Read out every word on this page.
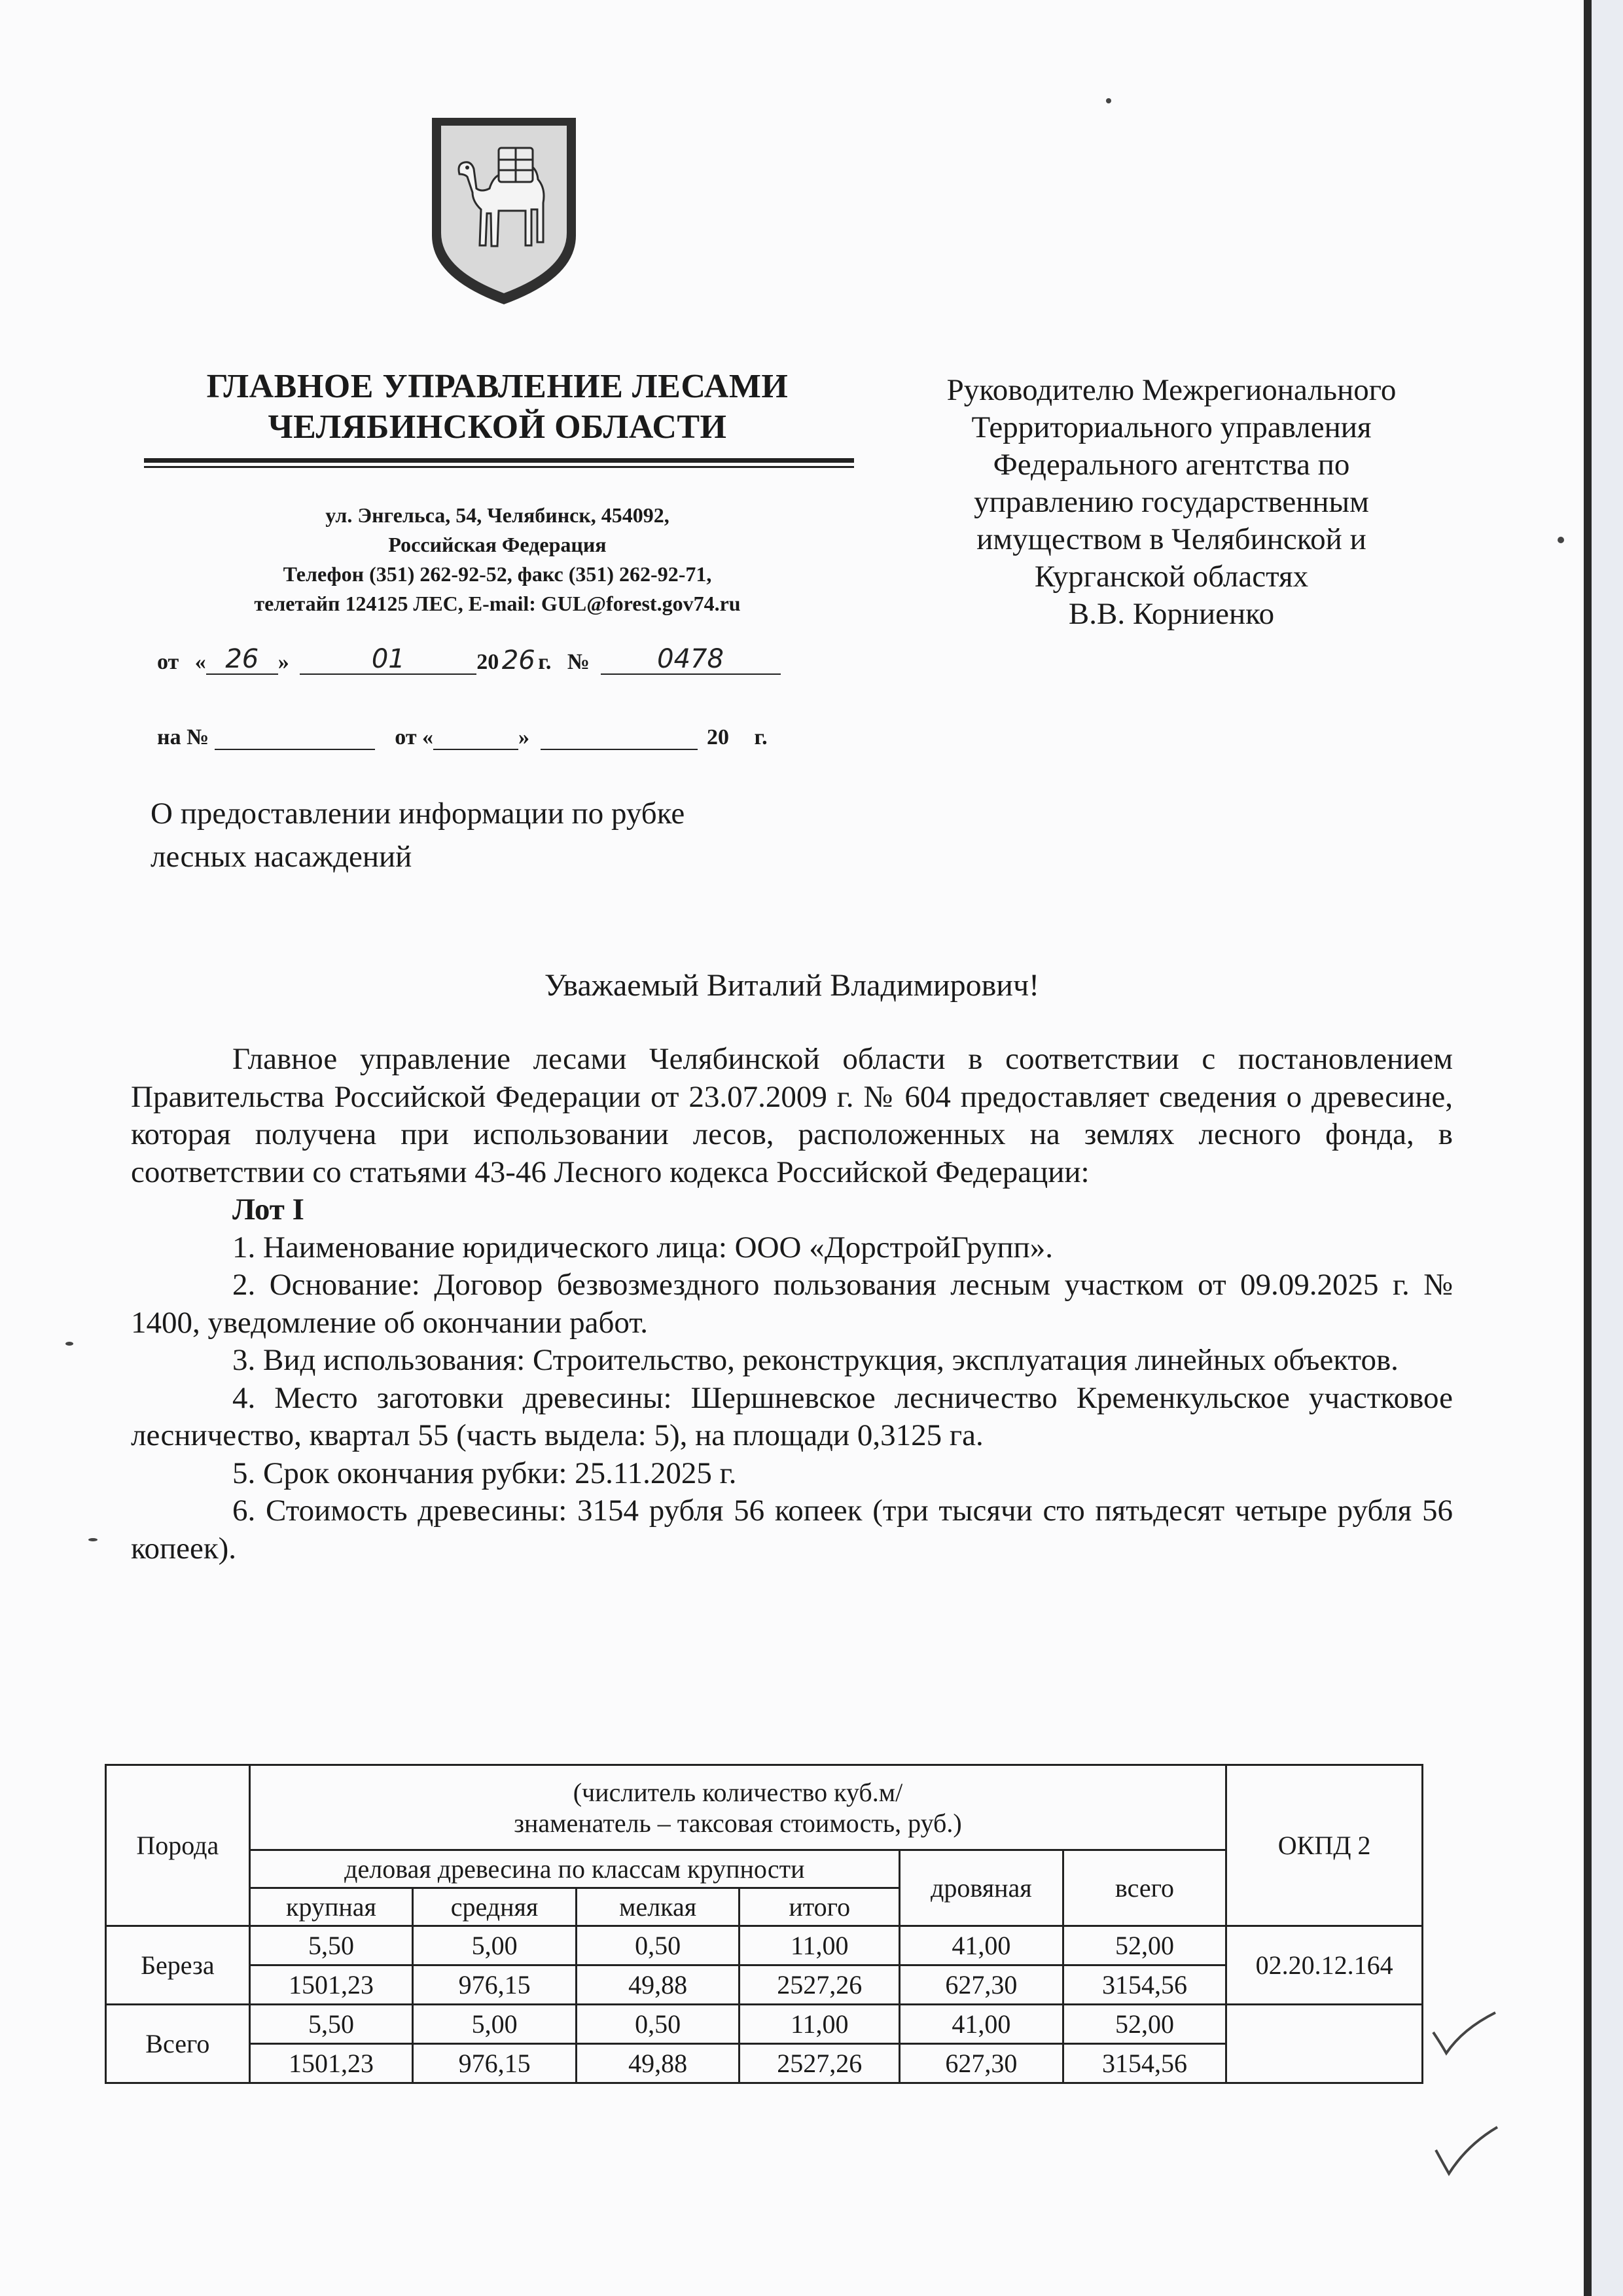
ГЛАВНОЕ УПРАВЛЕНИЕ ЛЕСАМИ
ЧЕЛЯБИНСКОЙ ОБЛАСТИ
ул. Энгельса, 54, Челябинск, 454092,
Российская Федерация
Телефон (351) 262-92-52, факс (351) 262-92-71,
телетайп 124125 ЛЕС, E-mail: GUL@forest.gov74.ru
от « 26 »	01	20 26 г. №	0478
на №	от «	»	20 г.
О предоставлении информации по рубке
лесных насаждений
Руководителю Межрегионального
Территориального управления
Федерального агентства по
управлению государственным
имуществом в Челябинской и
Курганской областях
В.В. Корниенко
Уважаемый Виталий Владимирович!

Главное управление лесами Челябинской области в соответствии с постановлением Правительства Российской Федерации от 23.07.2009 г. № 604 предоставляет сведения о древесине, которая получена при использовании лесов, расположенных на землях лесного фонда, в соответствии со статьями 43-46 Лесного кодекса Российской Федерации:

Лот I

1. Наименование юридического лица: ООО «ДорстройГрупп».

2. Основание: Договор безвозмездного пользования лесным участком от 09.09.2025 г. № 1400, уведомление об окончании работ.

3. Вид использования: Строительство, реконструкция, эксплуатация линейных объектов.

4. Место заготовки древесины: Шершневское лесничество Кременкульское участковое лесничество, квартал 55 (часть выдела: 5), на площади 0,3125 га.

5. Срок окончания рубки: 25.11.2025 г.

6. Стоимость древесины: 3154 рубля 56 копеек (три тысячи сто пятьдесят четыре рубля 56 копеек).

Порода	(числитель количество куб.м/
знаменатель – таксовая стоимость, руб.)						ОКПД 2
	деловая древесина по классам крупности				дровяная	всего	
	крупная	средняя	мелкая	итого			
Береза	5,50	5,00	0,50	11,00	41,00	52,00	02.20.12.164
	1501,23	976,15	49,88	2527,26	627,30	3154,56	
Всего	5,50	5,00	0,50	11,00	41,00	52,00	
	1501,23	976,15	49,88	2527,26	627,30	3154,56	
